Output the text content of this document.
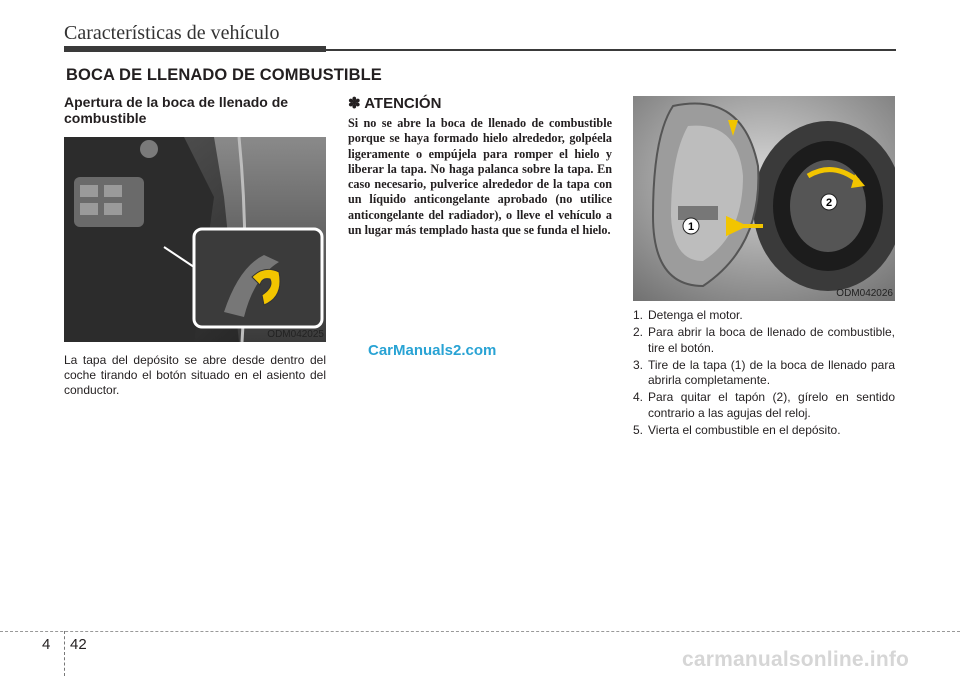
Características de vehículo
BOCA DE LLENADO DE COMBUSTIBLE
Apertura de la boca de llenado de combustible
ODM042025
La tapa del depósito se abre desde dentro del coche tirando el botón situado en el asiento del conductor.
✽ ATENCIÓN
Si no se abre la boca de llenado de combustible porque se haya formado hielo alrededor, golpéela ligeramente o empújela para romper el hielo y liberar la tapa. No haga palanca sobre la tapa. En caso necesario, pulverice alrededor de la tapa con un líquido anticongelante aprobado (no utilice anticongelante del radiador), o lleve el vehículo a un lugar más templado hasta que se funda el hielo.	1
2
ODM042026
1. Detenga el motor.
2. Para abrir la boca de llenado de combustible, tire el botón.
3. Tire de la tapa (1) de la boca de llenado para abrirla completamente.
4. Para quitar el tapón (2), gírelo en sentido contrario a las agujas del reloj.
5. Vierta el combustible en el depósito.
CarManuals2.com
4 42
carmanualsonline.info
